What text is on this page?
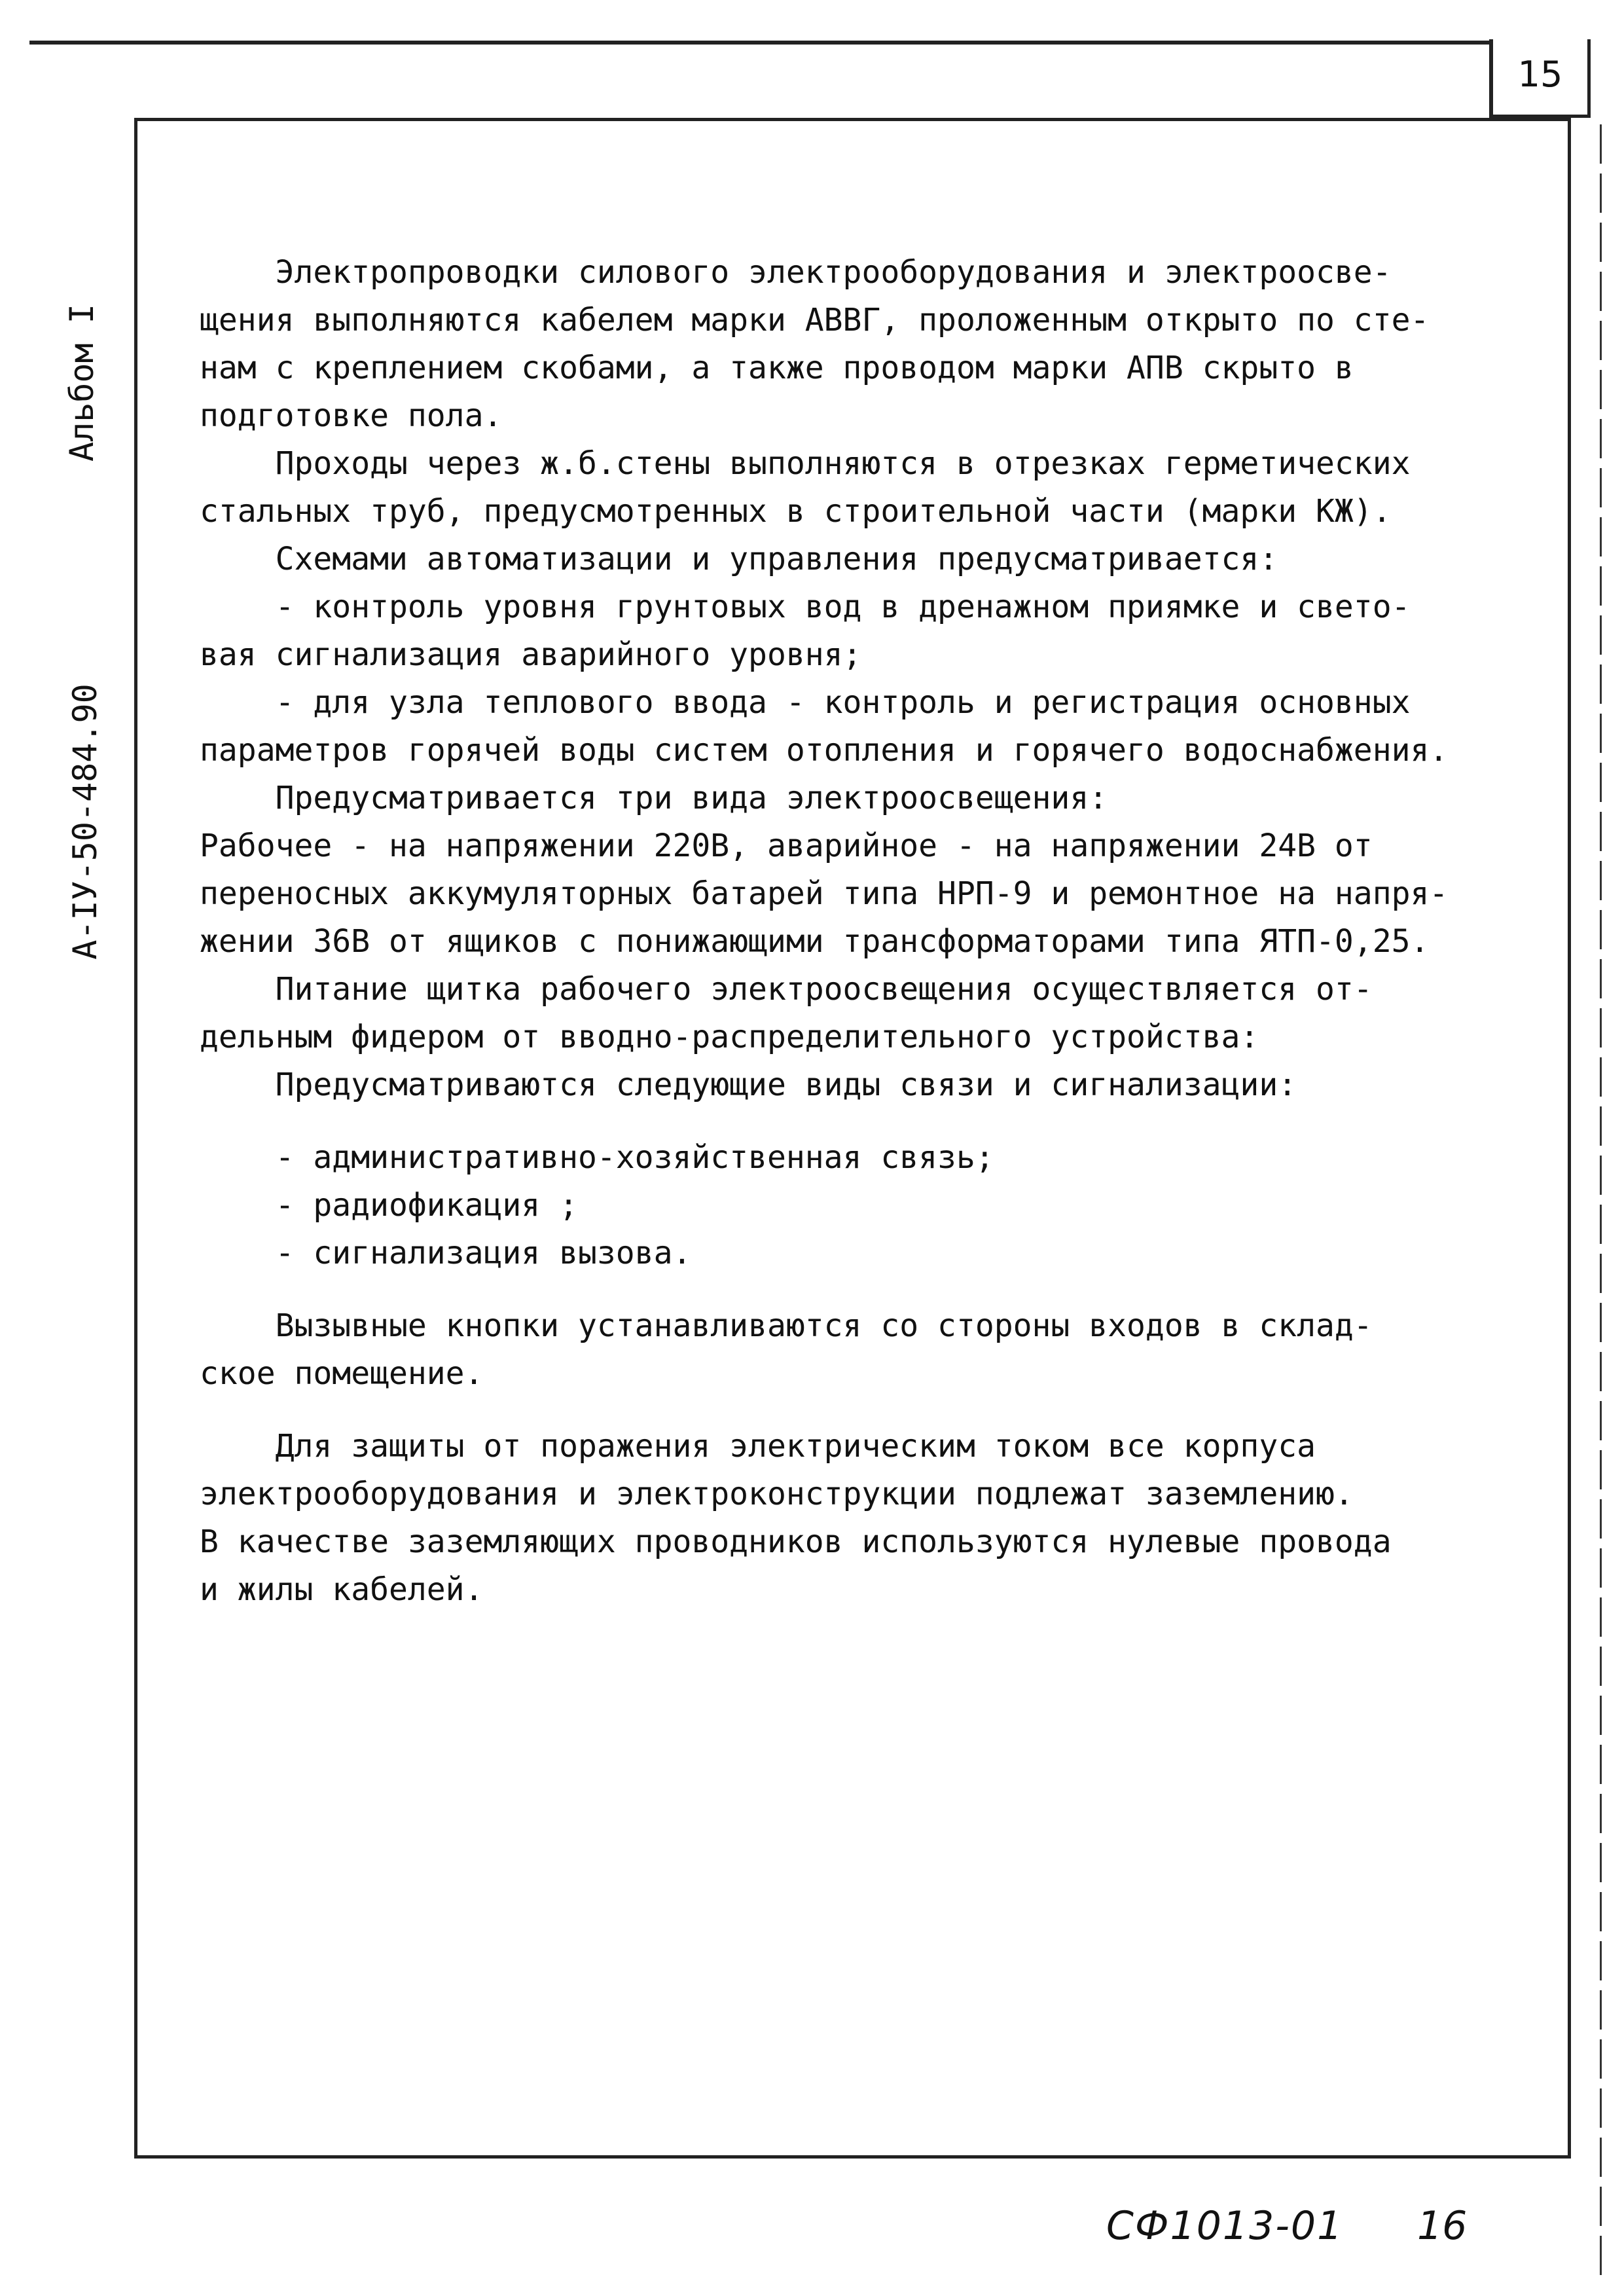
15
Альбом I
А-IУ-50-484.90
Электропроводки силового электрооборудования и электроосве-
щения выполняются кабелем марки АВВГ, проложенным открыто по сте-
нам с креплением скобами, а также проводом марки АПВ скрыто в
подготовке пола.
Проходы через ж.б.стены выполняются в отрезках герметических
стальных труб, предусмотренных в строительной части (марки КЖ).
Схемами автоматизации и управления предусматривается:
- контроль уровня грунтовых вод в дренажном приямке и свето-
вая сигнализация аварийного уровня;
- для узла теплового ввода - контроль и регистрация основных
параметров горячей воды систем отопления и горячего водоснабжения.
Предусматривается три вида электроосвещения:
Рабочее - на напряжении 220В, аварийное - на напряжении 24В от
переносных аккумуляторных батарей типа НРП-9 и ремонтное на напря-
жении 36В от ящиков с понижающими трансформаторами типа ЯТП-0,25.
Питание щитка рабочего электроосвещения осуществляется от-
дельным фидером от вводно-распределительного устройства:
Предусматриваются следующие виды связи и сигнализации:
- административно-хозяйственная связь;
- радиофикация ;
- сигнализация вызова.
Вызывные кнопки устанавливаются со стороны входов в склад-
ское помещение.
Для защиты от поражения электрическим током все корпуса
электрооборудования и электроконструкции подлежат заземлению.
В качестве заземляющих проводников используются нулевые провода
и жилы кабелей.
СФ1013-01 16
